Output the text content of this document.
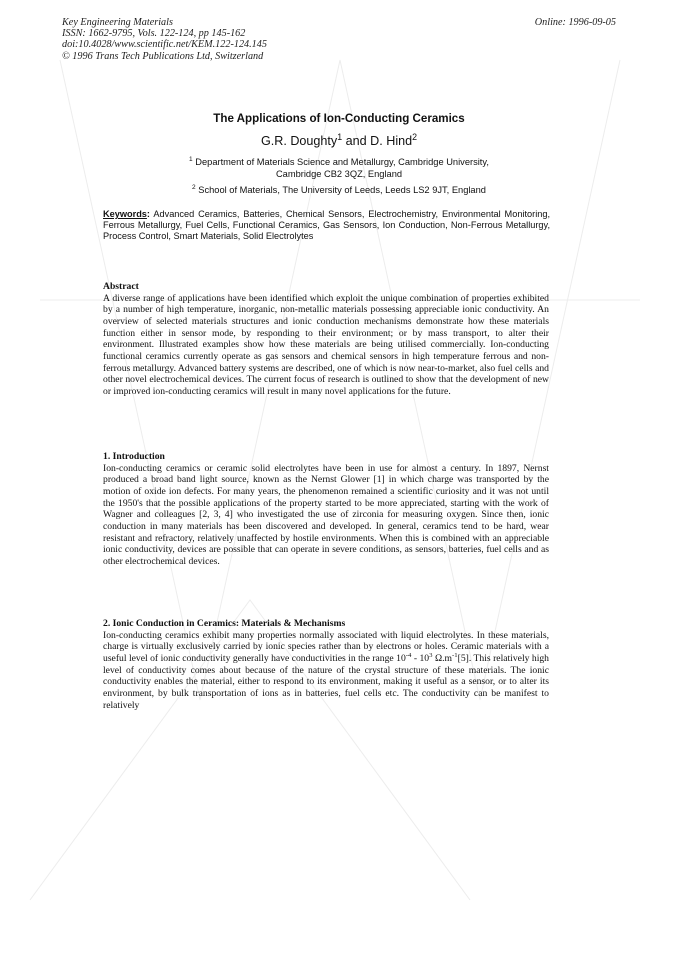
Key Engineering Materials
ISSN: 1662-9795, Vols. 122-124, pp 145-162
doi:10.4028/www.scientific.net/KEM.122-124.145
© 1996 Trans Tech Publications Ltd, Switzerland
Online: 1996-09-05
The Applications of Ion-Conducting Ceramics
G.R. Doughty$^1$ and D. Hind$^2$
$^1$ Department of Materials Science and Metallurgy, Cambridge University,
Cambridge CB2 3QZ, England
$^2$ School of Materials, The University of Leeds, Leeds LS2 9JT, England
Keywords: Advanced Ceramics, Batteries, Chemical Sensors, Electrochemistry, Environmental Monitoring, Ferrous Metallurgy, Fuel Cells, Functional Ceramics, Gas Sensors, Ion Conduction, Non-Ferrous Metallurgy, Process Control, Smart Materials, Solid Electrolytes
Abstract
A diverse range of applications have been identified which exploit the unique combination of properties exhibited by a number of high temperature, inorganic, non-metallic materials possessing appreciable ionic conductivity. An overview of selected materials structures and ionic conduction mechanisms demonstrate how these materials function either in sensor mode, by responding to their environment; or by mass transport, to alter their environment. Illustrated examples show how these materials are being utilised commercially. Ion-conducting functional ceramics currently operate as gas sensors and chemical sensors in high temperature ferrous and non-ferrous metallurgy. Advanced battery systems are described, one of which is now near-to-market, also fuel cells and other novel electrochemical devices. The current focus of research is outlined to show that the development of new or improved ion-conducting ceramics will result in many novel applications for the future.
1. Introduction
Ion-conducting ceramics or ceramic solid electrolytes have been in use for almost a century. In 1897, Nernst produced a broad band light source, known as the Nernst Glower [1] in which charge was transported by the motion of oxide ion defects. For many years, the phenomenon remained a scientific curiosity and it was not until the 1950's that the possible applications of the property started to be more appreciated, starting with the work of Wagner and colleagues [2, 3, 4] who investigated the use of zirconia for measuring oxygen. Since then, ionic conduction in many materials has been discovered and developed. In general, ceramics tend to be hard, wear resistant and refractory, relatively unaffected by hostile environments. When this is combined with an appreciable ionic conductivity, devices are possible that can operate in severe conditions, as sensors, batteries, fuel cells and as other electrochemical devices.
2. Ionic Conduction in Ceramics: Materials & Mechanisms
Ion-conducting ceramics exhibit many properties normally associated with liquid electrolytes. In these materials, charge is virtually exclusively carried by ionic species rather than by electrons or holes. Ceramic materials with a useful level of ionic conductivity generally have conductivities in the range $10^{-4} - 10^3$ $\Omega.m^{-1}[5]$. This relatively high level of conductivity comes about because of the nature of the crystal structure of these materials. The ionic conductivity enables the material, either to respond to its environment, making it useful as a sensor, or to alter its environment, by bulk transportation of ions as in batteries, fuel cells etc. The conductivity can be manifest to relatively
